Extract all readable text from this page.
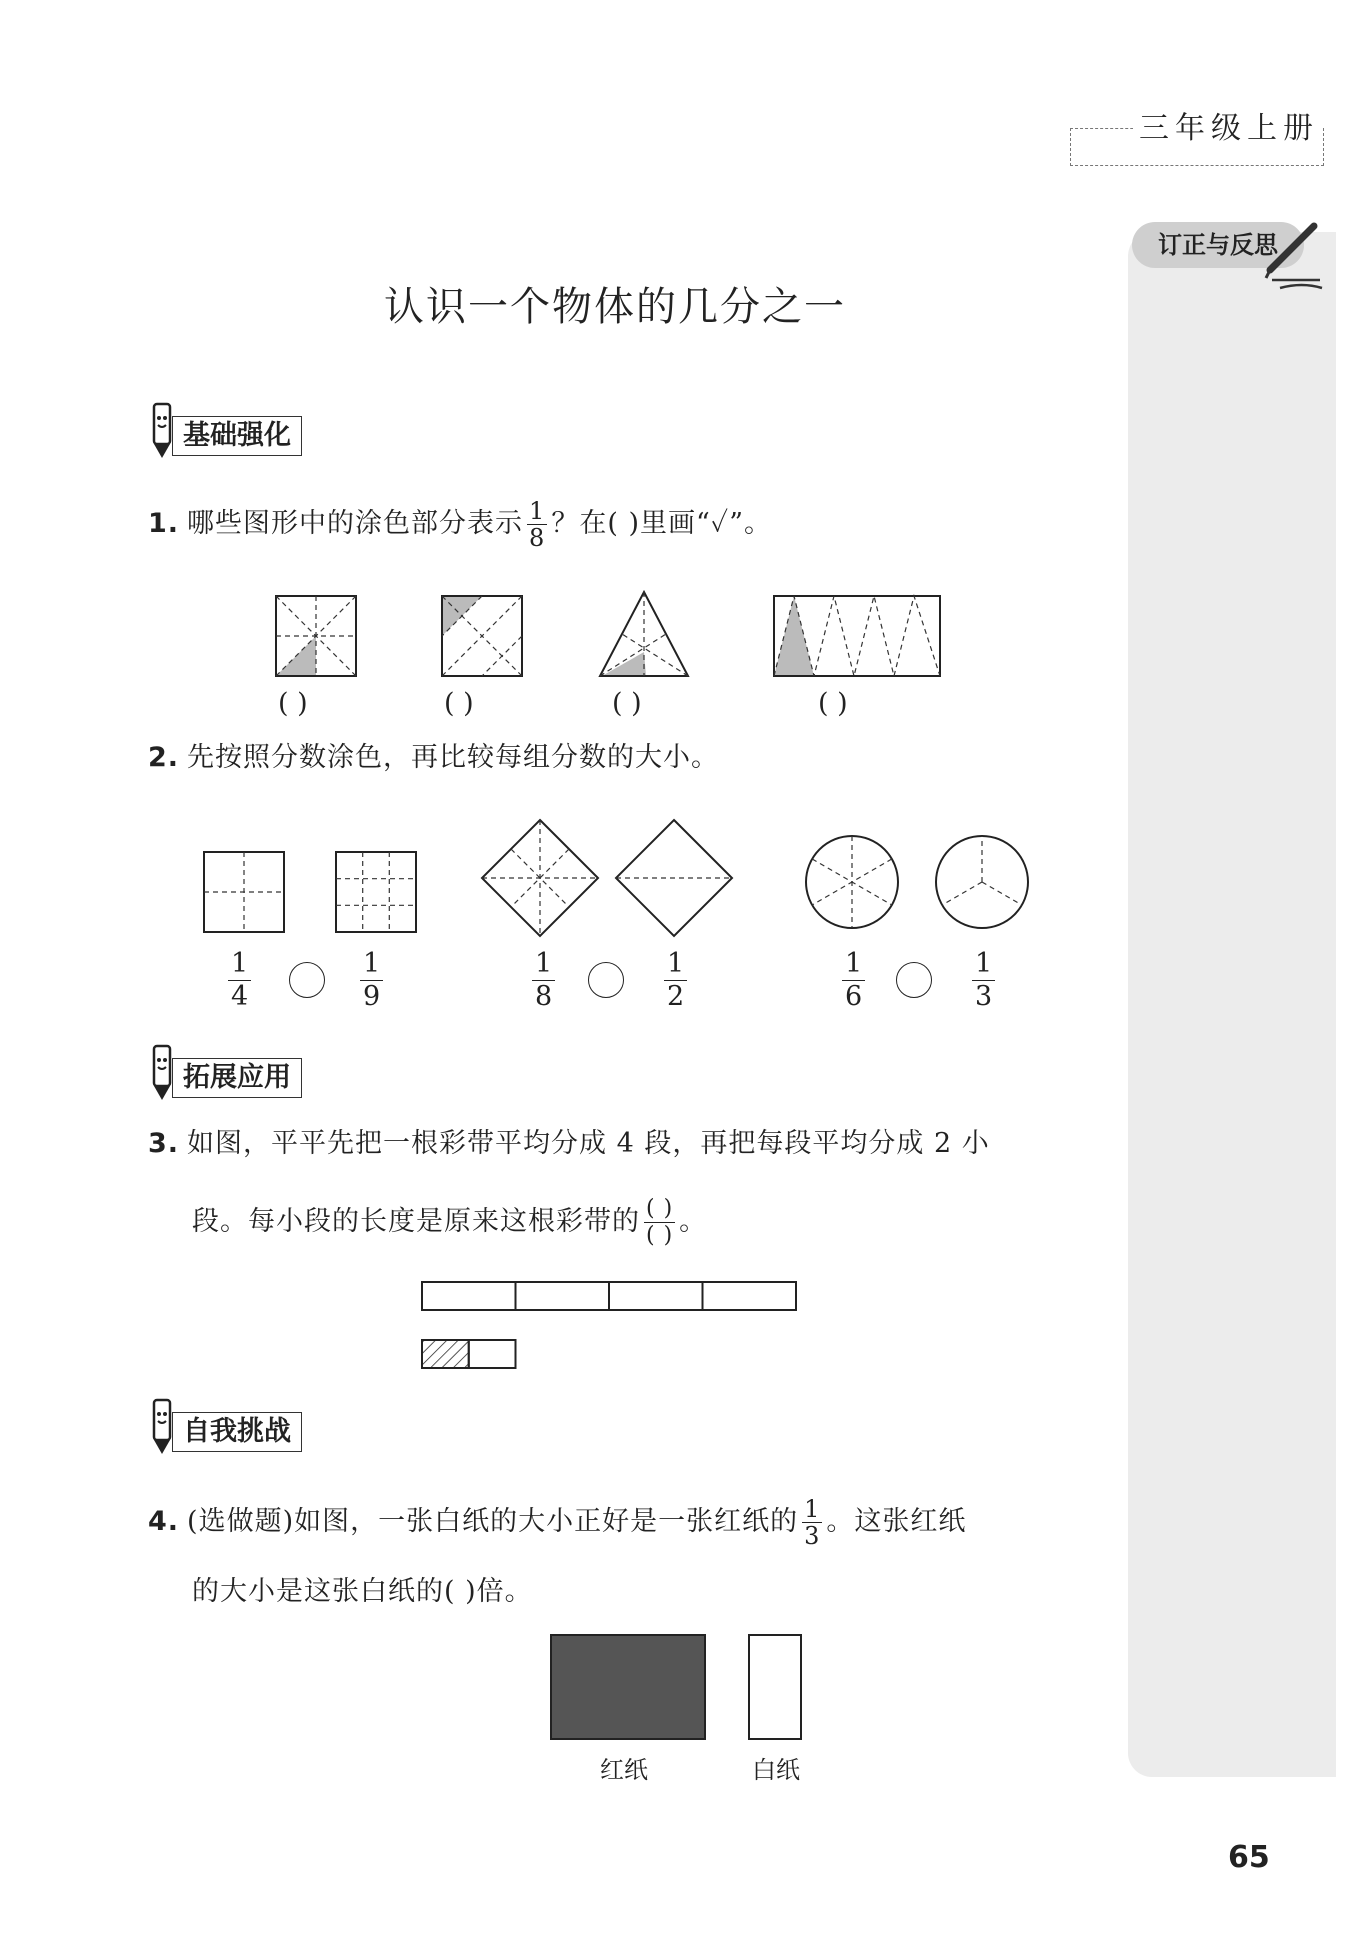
三年级上册
订正与反思
认识一个物体的几分之一
基础强化
1. 哪些图形中的涂色部分表示 $\frac{1}{8}$ ？在( )里画“✓”。
( )	( )	( )	( )
2. 先按照分数涂色，再比较每组分数的大小。
$\frac{1}{4}$	$\frac{1}{9}$	$\frac{1}{8}$	$\frac{1}{2}$	$\frac{1}{6}$	$\frac{1}{3}$
拓展应用
3. 如图，平平先把一根彩带平均分成 4 段，再把每段平均分成 2 小
段。每小段的长度是原来这根彩带的 $\frac{( )}{( )}$ 。
自我挑战
4. (选做题)如图，一张白纸的大小正好是一张红纸的 $\frac{1}{3}$ 。这张红纸
的大小是这张白纸的( )倍。
红纸	白纸
65
